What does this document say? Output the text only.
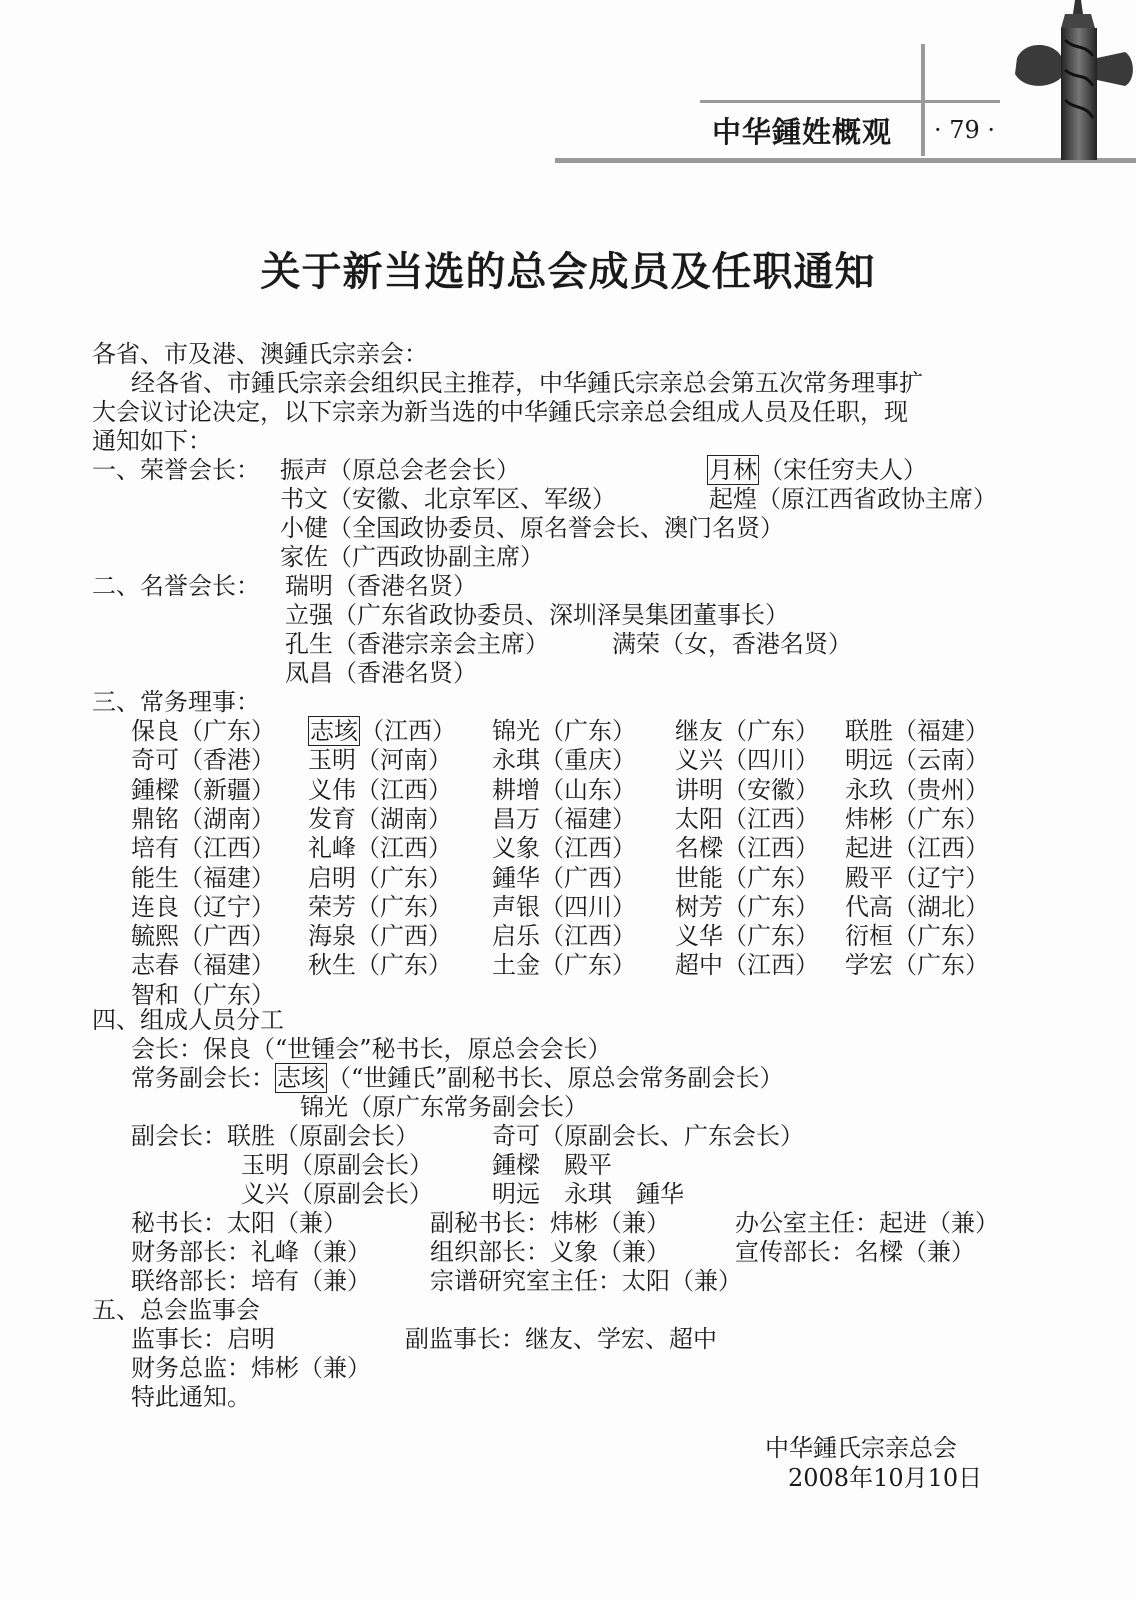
中华鍾姓概观 · 79 ·
关于新当选的总会成员及任职通知
各省、市及港、澳鍾氏宗亲会：
经各省、市鍾氏宗亲会组织民主推荐，中华鍾氏宗亲总会第五次常务理事扩
大会议讨论决定，以下宗亲为新当选的中华鍾氏宗亲总会组成人员及任职，现
通知如下：
一、荣誉会长： 振声（原总会老会长）	月林（宋任穷夫人）
书文（安徽、北京军区、军级）	起煌（原江西省政协主席）
小健（全国政协委员、原名誉会长、澳门名贤）
家佐（广西政协副主席）
二、名誉会长： 瑞明（香港名贤）
立强（广东省政协委员、深圳泽昊集团董事长）
孔生（香港宗亲会主席）	满荣（女，香港名贤）
凤昌（香港名贤）
三、常务理事：
保良（广东） 志垓（江西） 锦光（广东） 继友（广东） 联胜（福建）
奇可（香港） 玉明（河南） 永琪（重庆） 义兴（四川） 明远（云南）
鍾樑（新疆） 义伟（江西） 耕增（山东） 讲明（安徽） 永玖（贵州）
鼎铭（湖南） 发育（湖南） 昌万（福建） 太阳（江西） 炜彬（广东）
培有（江西） 礼峰（江西） 义象（江西） 名樑（江西） 起进（江西）
能生（福建） 启明（广东） 鍾华（广西） 世能（广东） 殿平（辽宁）
连良（辽宁） 荣芳（广东） 声银（四川） 树芳（广东） 代高（湖北）
毓熙（广西） 海泉（广西） 启乐（江西） 义华（广东） 衍桓（广东）
志春（福建） 秋生（广东） 土金（广东） 超中（江西） 学宏（广东）
智和（广东）
四、组成人员分工
会长：保良（“世锺会”秘书长，原总会会长）
常务副会长：志垓（“世鍾氏”副秘书长、原总会常务副会长）
锦光（原广东常务副会长）
副会长：联胜（原副会长）	奇可（原副会长、广东会长）
玉明（原副会长） 鍾樑　殿平
义兴（原副会长） 明远　永琪　鍾华
秘书长：太阳（兼）	副秘书长：炜彬（兼）	办公室主任：起进（兼）
财务部长：礼峰（兼） 组织部长：义象（兼）	宣传部长：名樑（兼）
联络部长：培有（兼） 宗谱研究室主任：太阳（兼）
五、总会监事会
监事长：启明	副监事长：继友、学宏、超中
财务总监：炜彬（兼）
特此通知。
中华鍾氏宗亲总会
2008年10月10日
